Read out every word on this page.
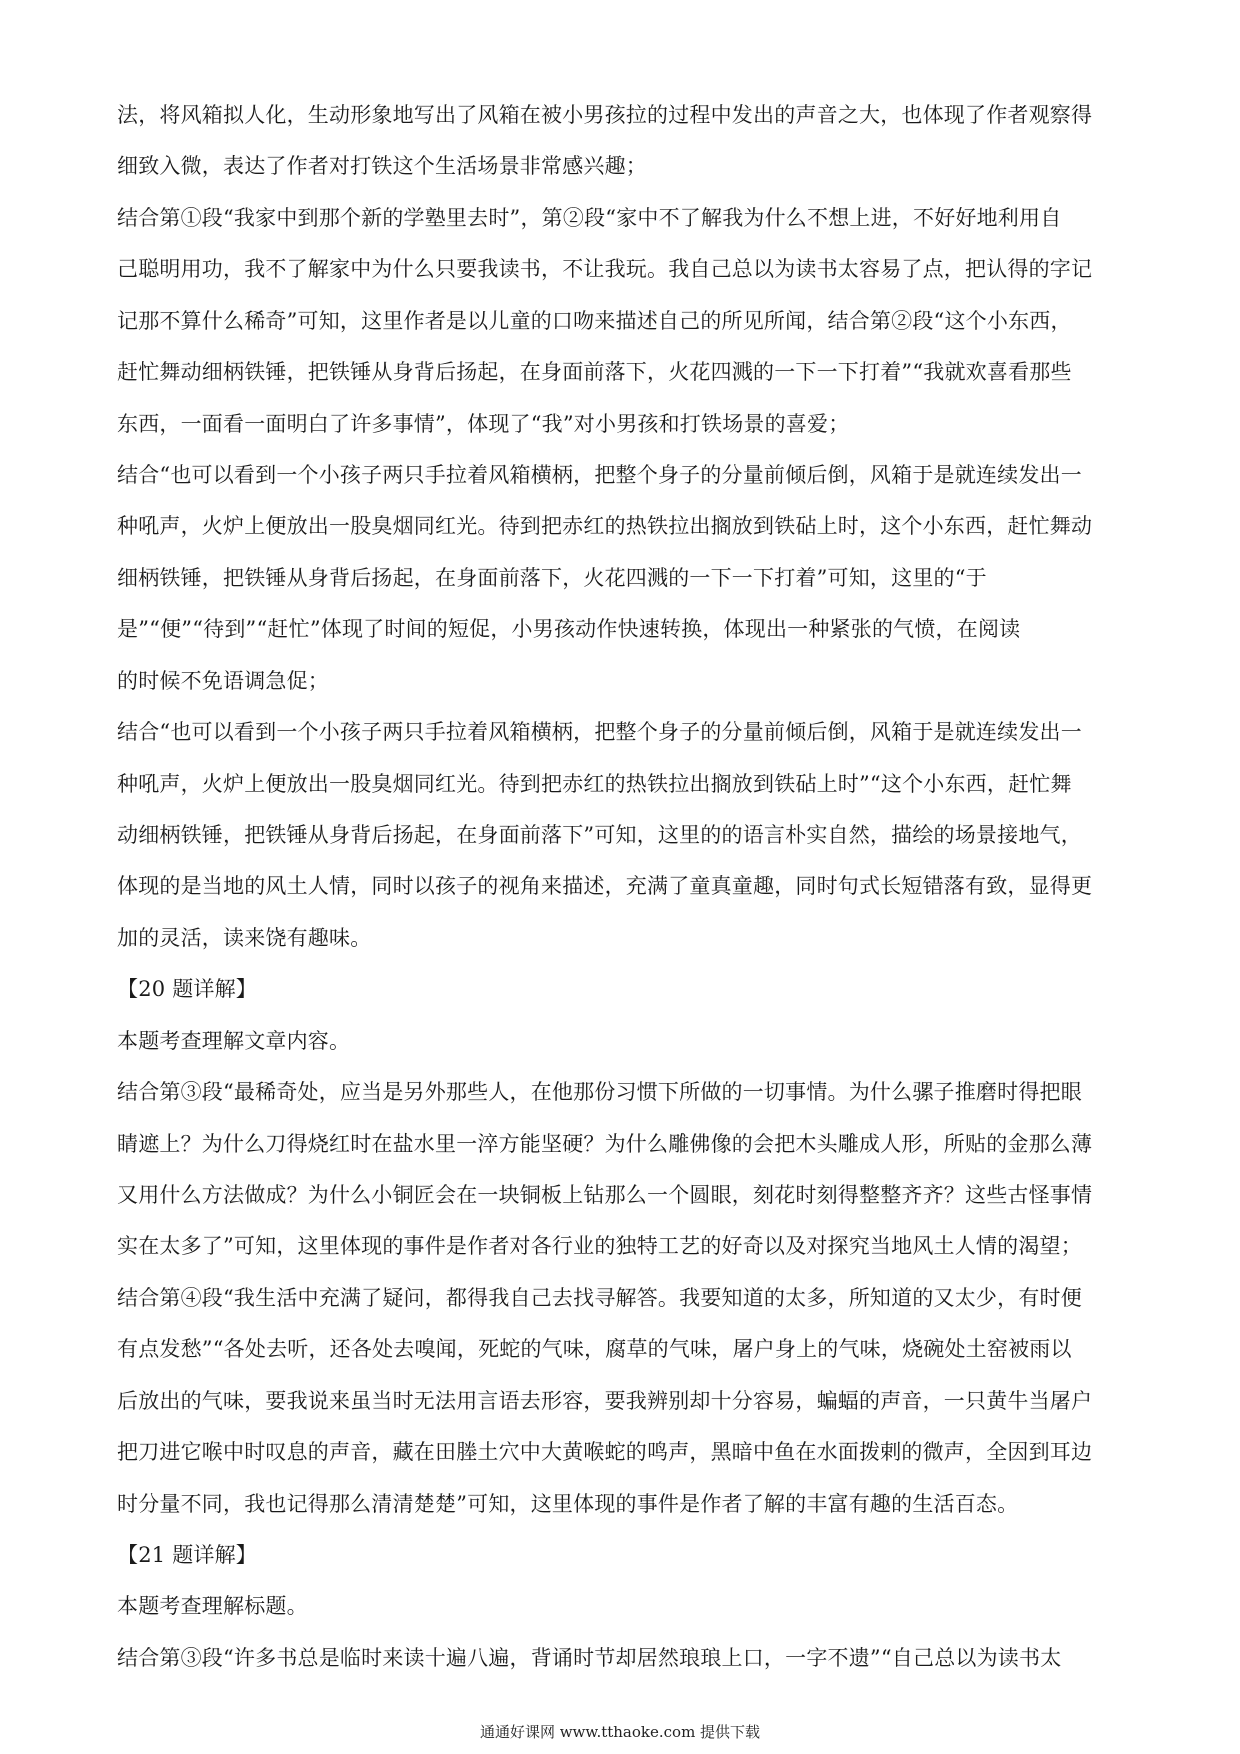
法，将风箱拟人化，生动形象地写出了风箱在被小男孩拉的过程中发出的声音之大，也体现了作者观察得
细致入微，表达了作者对打铁这个生活场景非常感兴趣；
结合第①段“我家中到那个新的学塾里去时”，第②段“家中不了解我为什么不想上进，不好好地利用自
己聪明用功，我不了解家中为什么只要我读书，不让我玩。我自己总以为读书太容易了点，把认得的字记
记那不算什么稀奇”可知，这里作者是以儿童的口吻来描述自己的所见所闻，结合第②段“这个小东西，
赶忙舞动细柄铁锤，把铁锤从身背后扬起，在身面前落下，火花四溅的一下一下打着”“我就欢喜看那些
东西，一面看一面明白了许多事情”，体现了“我”对小男孩和打铁场景的喜爱；
结合“也可以看到一个小孩子两只手拉着风箱横柄，把整个身子的分量前倾后倒，风箱于是就连续发出一
种吼声，火炉上便放出一股臭烟同红光。待到把赤红的热铁拉出搁放到铁砧上时，这个小东西，赶忙舞动
细柄铁锤，把铁锤从身背后扬起，在身面前落下，火花四溅的一下一下打着”可知，这里的“于
是”“便”“待到”“赶忙”体现了时间的短促，小男孩动作快速转换，体现出一种紧张的气愤，在阅读
的时候不免语调急促；
结合“也可以看到一个小孩子两只手拉着风箱横柄，把整个身子的分量前倾后倒，风箱于是就连续发出一
种吼声，火炉上便放出一股臭烟同红光。待到把赤红的热铁拉出搁放到铁砧上时”“这个小东西，赶忙舞
动细柄铁锤，把铁锤从身背后扬起，在身面前落下”可知，这里的的语言朴实自然，描绘的场景接地气，
体现的是当地的风土人情，同时以孩子的视角来描述，充满了童真童趣，同时句式长短错落有致，显得更
加的灵活，读来饶有趣味。
【20 题详解】
本题考查理解文章内容。
结合第③段“最稀奇处，应当是另外那些人，在他那份习惯下所做的一切事情。为什么骡子推磨时得把眼
睛遮上？为什么刀得烧红时在盐水里一淬方能坚硬？为什么雕佛像的会把木头雕成人形，所贴的金那么薄
又用什么方法做成？为什么小铜匠会在一块铜板上钻那么一个圆眼，刻花时刻得整整齐齐？这些古怪事情
实在太多了”可知，这里体现的事件是作者对各行业的独特工艺的好奇以及对探究当地风土人情的渴望；
结合第④段“我生活中充满了疑问，都得我自己去找寻解答。我要知道的太多，所知道的又太少，有时便
有点发愁”“各处去听，还各处去嗅闻，死蛇的气味，腐草的气味，屠户身上的气味，烧碗处土窑被雨以
后放出的气味，要我说来虽当时无法用言语去形容，要我辨别却十分容易，蝙蝠的声音，一只黄牛当屠户
把刀进它喉中时叹息的声音，藏在田塍土穴中大黄喉蛇的鸣声，黑暗中鱼在水面拨剌的微声，全因到耳边
时分量不同，我也记得那么清清楚楚”可知，这里体现的事件是作者了解的丰富有趣的生活百态。
【21 题详解】
本题考查理解标题。
结合第③段“许多书总是临时来读十遍八遍，背诵时节却居然琅琅上口，一字不遗”“自己总以为读书太
通通好课网 www.tthaoke.com 提供下载
